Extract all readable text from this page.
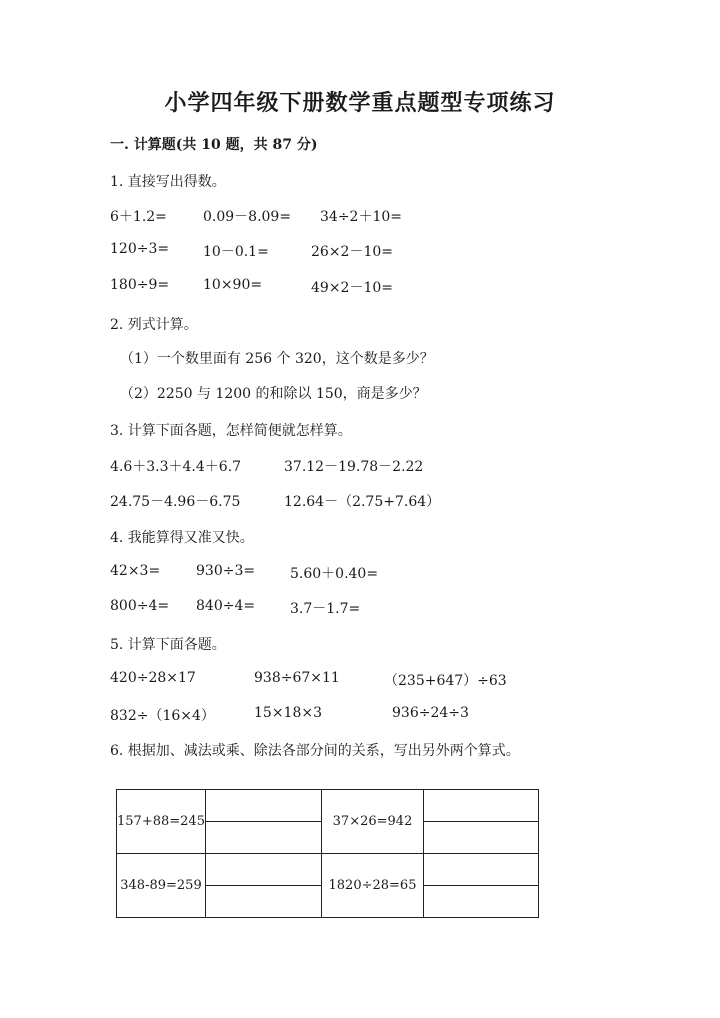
小学四年级下册数学重点题型专项练习
一. 计算题(共 10 题，共 87 分)
1. 直接写出得数。
6＋1.2=	0.09－8.09= 34÷2＋10=
120÷3= 10－0.1=	26×2－10=
180÷9= 10×90=	49×2－10=
2. 列式计算。
（1）一个数里面有 256 个 320，这个数是多少？
（2）2250 与 1200 的和除以 150，商是多少？
3. 计算下面各题，怎样简便就怎样算。
4.6＋3.3＋4.4＋6.7	37.12－19.78－2.22
24.75－4.96－6.75	12.64－（2.75+7.64）
4. 我能算得又准又快。
42×3=	930÷3= 5.60＋0.40=
800÷4= 840÷4= 3.7－1.7=
5. 计算下面各题。
420÷28×17	938÷67×11	（235+647）÷63
832÷（16×4）	15×18×3	936÷24÷3
6. 根据加、减法或乘、除法各部分间的关系，写出另外两个算式。
157+88=245		37×26=942	

348-89=259		1820÷28=65	
